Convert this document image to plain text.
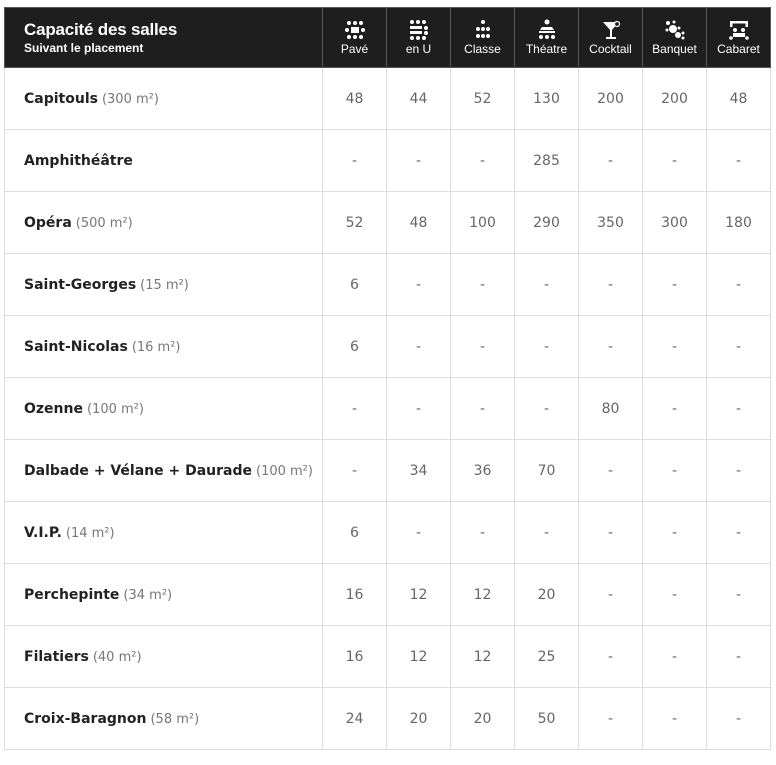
Capacité des salles
Suivant le placement	Pavé	en U	Classe	Théatre	Cocktail	Banquet	Cabaret

Capitouls (300 m²)	48	44	52	130	200	200	48
Amphithéâtre	-	-	-	285	-	-	-
Opéra (500 m²)	52	48	100	290	350	300	180
Saint-Georges (15 m²)	6	-	-	-	-	-	-
Saint-Nicolas (16 m²)	6	-	-	-	-	-	-
Ozenne (100 m²)	-	-	-	-	80	-	-
Dalbade + Vélane + Daurade (100 m²)	-	34	36	70	-	-	-
V.I.P. (14 m²)	6	-	-	-	-	-	-
Perchepinte (34 m²)	16	12	12	20	-	-	-
Filatiers (40 m²)	16	12	12	25	-	-	-
Croix-Baragnon (58 m²)	24	20	20	50	-	-	-
